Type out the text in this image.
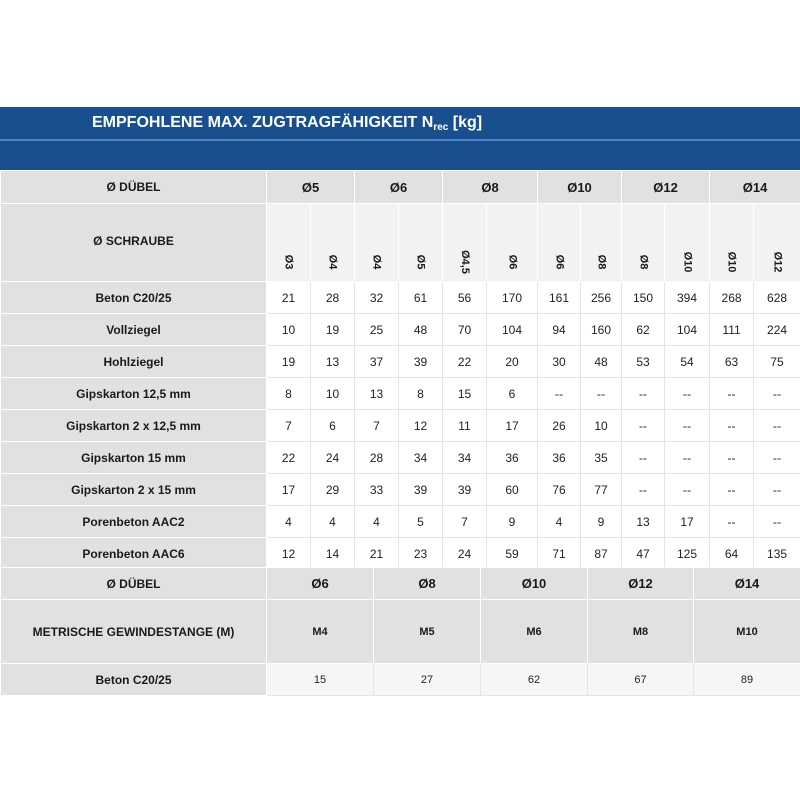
EMPFOHLENE MAX. ZUGTRAGFÄHIGKEIT $N_{rec}$ [kg]
Ø DÜBEL	Ø5		Ø6		Ø8		Ø10		Ø12		Ø14	
Ø SCHRAUBE	Ø3	Ø4	Ø4	Ø5	Ø4,5	Ø6	Ø6	Ø8	Ø8	Ø10	Ø10	Ø12
Beton C20/25	21	28	32	61	56	170	161	256	150	394	268	628
Vollziegel	10	19	25	48	70	104	94	160	62	104	111	224
Hohlziegel	19	13	37	39	22	20	30	48	53	54	63	75
Gipskarton 12,5 mm	8	10	13	8	15	6	--	--	--	--	--	--
Gipskarton 2 x 12,5 mm	7	6	7	12	11	17	26	10	--	--	--	--
Gipskarton 15 mm	22	24	28	34	34	36	36	35	--	--	--	--
Gipskarton 2 x 15 mm	17	29	33	39	39	60	76	77	--	--	--	--
Porenbeton AAC2	4	4	4	5	7	9	4	9	13	17	--	--
Porenbeton AAC6	12	14	21	23	24	59	71	87	47	125	64	135
Ø DÜBEL	Ø6	Ø8	Ø10	Ø12	Ø14
METRISCHE GEWINDESTANGE (M)	M4	M5	M6	M8	M10
Beton C20/25	15	27	62	67	89
